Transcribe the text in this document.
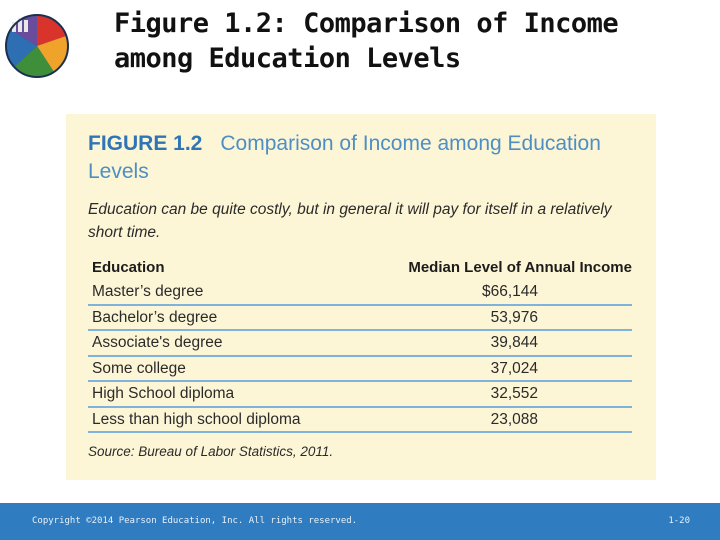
Figure 1.2: Comparison of Income among Education Levels
FIGURE 1.2 Comparison of Income among Education Levels
Education can be quite costly, but in general it will pay for itself in a relatively short time.
Education	Median Level of Annual Income
Master’s degree	$66,144
Bachelor’s degree	53,976
Associate's degree	39,844
Some college	37,024
High School diploma	32,552
Less than high school diploma	23,088
Source: Bureau of Labor Statistics, 2011.
Copyright ©2014 Pearson Education, Inc. All rights reserved.	1-20
